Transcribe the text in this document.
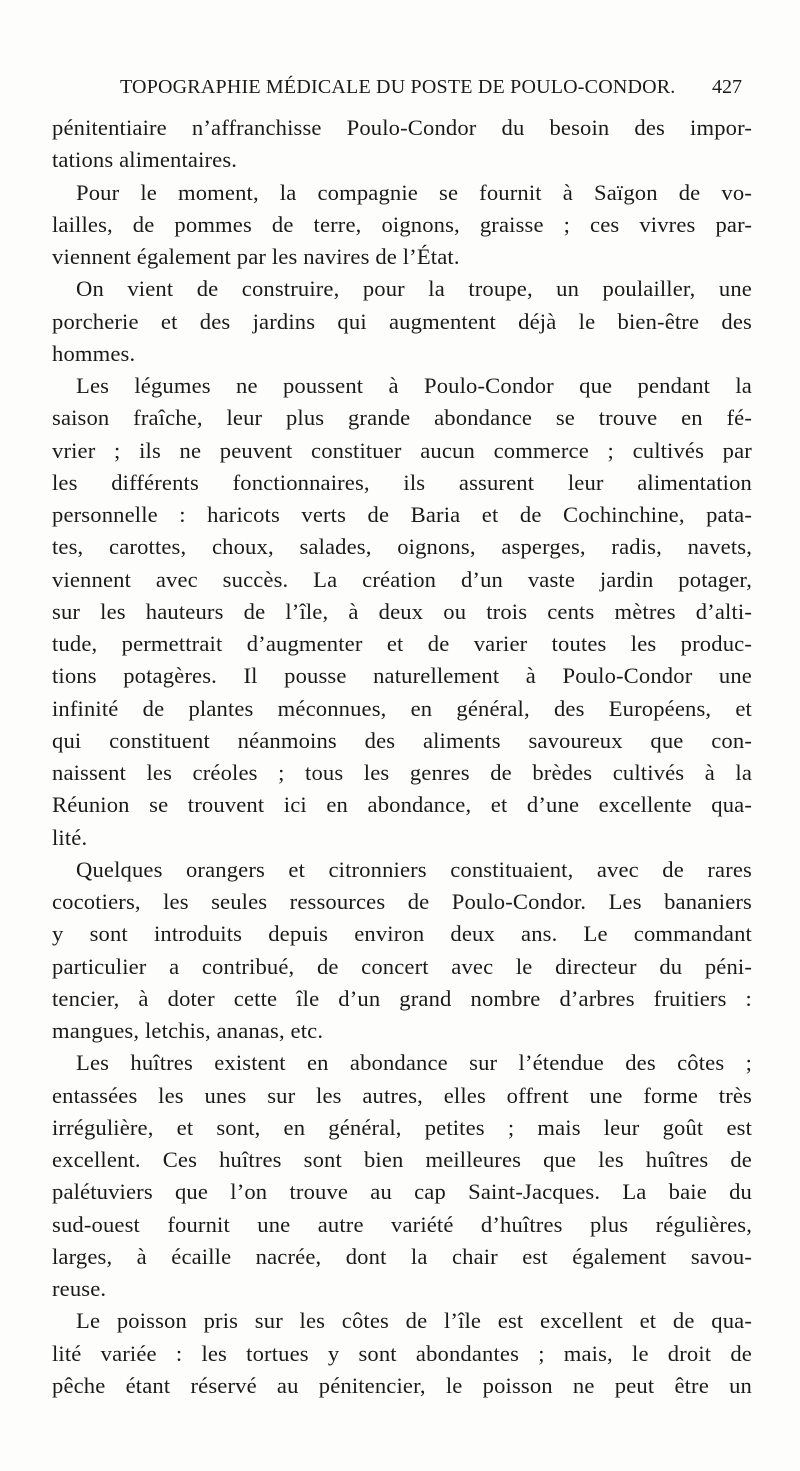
TOPOGRAPHIE MÉDICALE DU POSTE DE POULO-CONDOR. 427
pénitentiaire n’affranchisse Poulo-Condor du besoin des impor-
tations alimentaires.
Pour le moment, la compagnie se fournit à Saïgon de vo-
lailles, de pommes de terre, oignons, graisse ; ces vivres par-
viennent également par les navires de l’État.
On vient de construire, pour la troupe, un poulailler, une
porcherie et des jardins qui augmentent déjà le bien-être des
hommes.
Les légumes ne poussent à Poulo-Condor que pendant la
saison fraîche, leur plus grande abondance se trouve en fé-
vrier ; ils ne peuvent constituer aucun commerce ; cultivés par
les différents fonctionnaires, ils assurent leur alimentation
personnelle : haricots verts de Baria et de Cochinchine, pata-
tes, carottes, choux, salades, oignons, asperges, radis, navets,
viennent avec succès. La création d’un vaste jardin potager,
sur les hauteurs de l’île, à deux ou trois cents mètres d’alti-
tude, permettrait d’augmenter et de varier toutes les produc-
tions potagères. Il pousse naturellement à Poulo-Condor une
infinité de plantes méconnues, en général, des Européens, et
qui constituent néanmoins des aliments savoureux que con-
naissent les créoles ; tous les genres de brèdes cultivés à la
Réunion se trouvent ici en abondance, et d’une excellente qua-
lité.
Quelques orangers et citronniers constituaient, avec de rares
cocotiers, les seules ressources de Poulo-Condor. Les bananiers
y sont introduits depuis environ deux ans. Le commandant
particulier a contribué, de concert avec le directeur du péni-
tencier, à doter cette île d’un grand nombre d’arbres fruitiers :
mangues, letchis, ananas, etc.
Les huîtres existent en abondance sur l’étendue des côtes ;
entassées les unes sur les autres, elles offrent une forme très
irrégulière, et sont, en général, petites ; mais leur goût est
excellent. Ces huîtres sont bien meilleures que les huîtres de
palétuviers que l’on trouve au cap Saint-Jacques. La baie du
sud-ouest fournit une autre variété d’huîtres plus régulières,
larges, à écaille nacrée, dont la chair est également savou-
reuse.
Le poisson pris sur les côtes de l’île est excellent et de qua-
lité variée : les tortues y sont abondantes ; mais, le droit de
pêche étant réservé au pénitencier, le poisson ne peut être un
